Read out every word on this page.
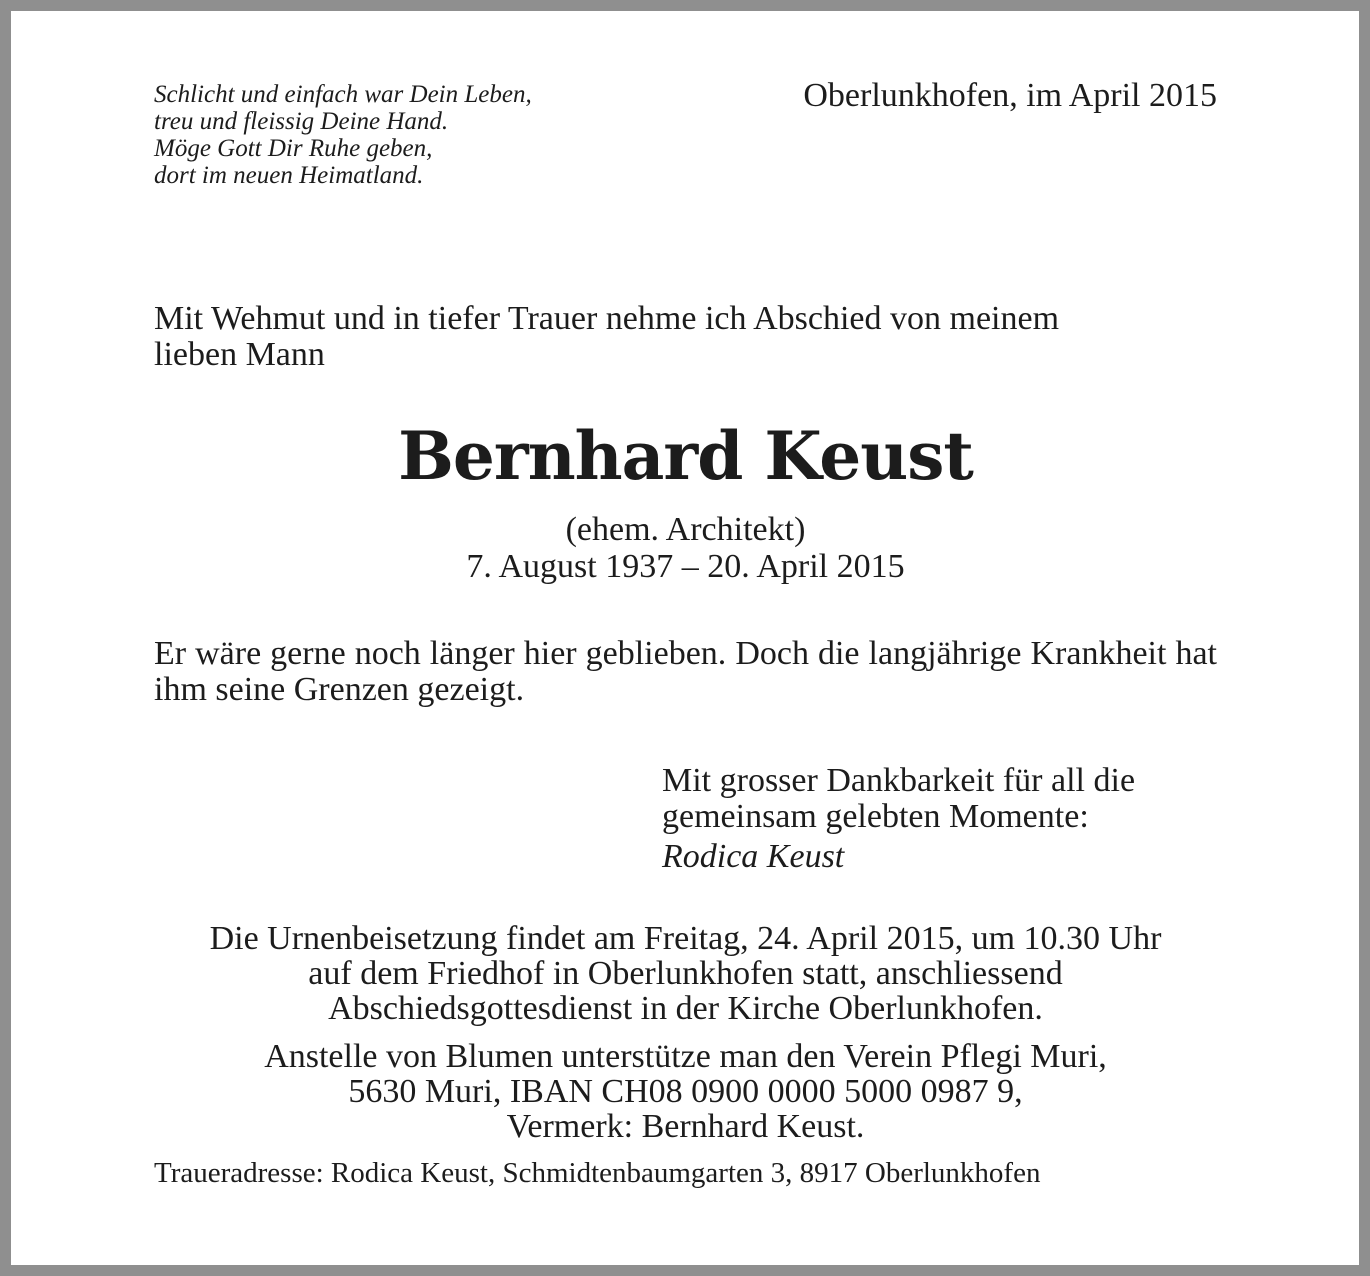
Schlicht und einfach war Dein Leben,
treu und fleissig Deine Hand.
Möge Gott Dir Ruhe geben,
dort im neuen Heimatland.
Oberlunkhofen, im April 2015
Mit Wehmut und in tiefer Trauer nehme ich Abschied von meinem
lieben Mann
Bernhard Keust
(ehem. Architekt)
7. August 1937 – 20. April 2015
Er wäre gerne noch länger hier geblieben. Doch die langjährige Krankheit hat ihm seine Grenzen gezeigt.
Mit grosser Dankbarkeit für all die
gemeinsam gelebten Momente:
Rodica Keust
Die Urnenbeisetzung findet am Freitag, 24. April 2015, um 10.30 Uhr
auf dem Friedhof in Oberlunkhofen statt, anschliessend
Abschiedsgottesdienst in der Kirche Oberlunkhofen.
Anstelle von Blumen unterstütze man den Verein Pflegi Muri,
5630 Muri, IBAN CH08 0900 0000 5000 0987 9,
Vermerk: Bernhard Keust.
Traueradresse: Rodica Keust, Schmidtenbaumgarten 3, 8917 Oberlunkhofen
